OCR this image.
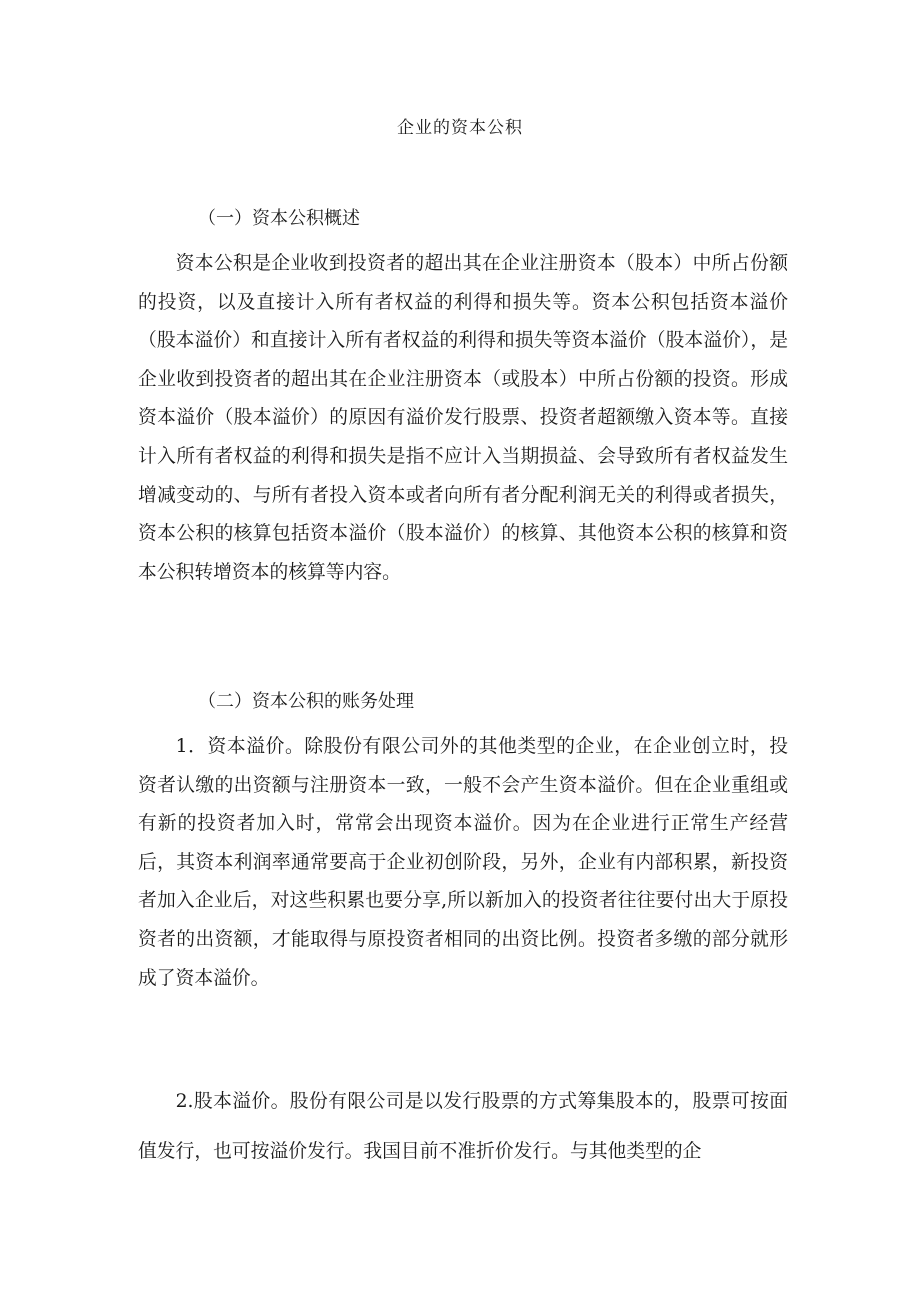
企业的资本公积
（一）资本公积概述

资本公积是企业收到投资者的超出其在企业注册资本（股本）中所占份额的投资，以及直接计入所有者权益的利得和损失等。资本公积包括资本溢价（股本溢价）和直接计入所有者权益的利得和损失等资本溢价（股本溢价），是企业收到投资者的超出其在企业注册资本（或股本）中所占份额的投资。形成资本溢价（股本溢价）的原因有溢价发行股票、投资者超额缴入资本等。直接计入所有者权益的利得和损失是指不应计入当期损益、会导致所有者权益发生增减变动的、与所有者投入资本或者向所有者分配利润无关的利得或者损失，资本公积的核算包括资本溢价（股本溢价）的核算、其他资本公积的核算和资本公积转增资本的核算等内容。

（二）资本公积的账务处理

1．资本溢价。除股份有限公司外的其他类型的企业，在企业创立时，投资者认缴的出资额与注册资本一致，一般不会产生资本溢价。但在企业重组或有新的投资者加入时，常常会出现资本溢价。因为在企业进行正常生产经营后，其资本利润率通常要高于企业初创阶段，另外，企业有内部积累，新投资者加入企业后，对这些积累也要分享,所以新加入的投资者往往要付出大于原投资者的出资额，才能取得与原投资者相同的出资比例。投资者多缴的部分就形成了资本溢价。

2.股本溢价。股份有限公司是以发行股票的方式筹集股本的，股票可按面值发行，也可按溢价发行。我国目前不准折价发行。与其他类型的企
